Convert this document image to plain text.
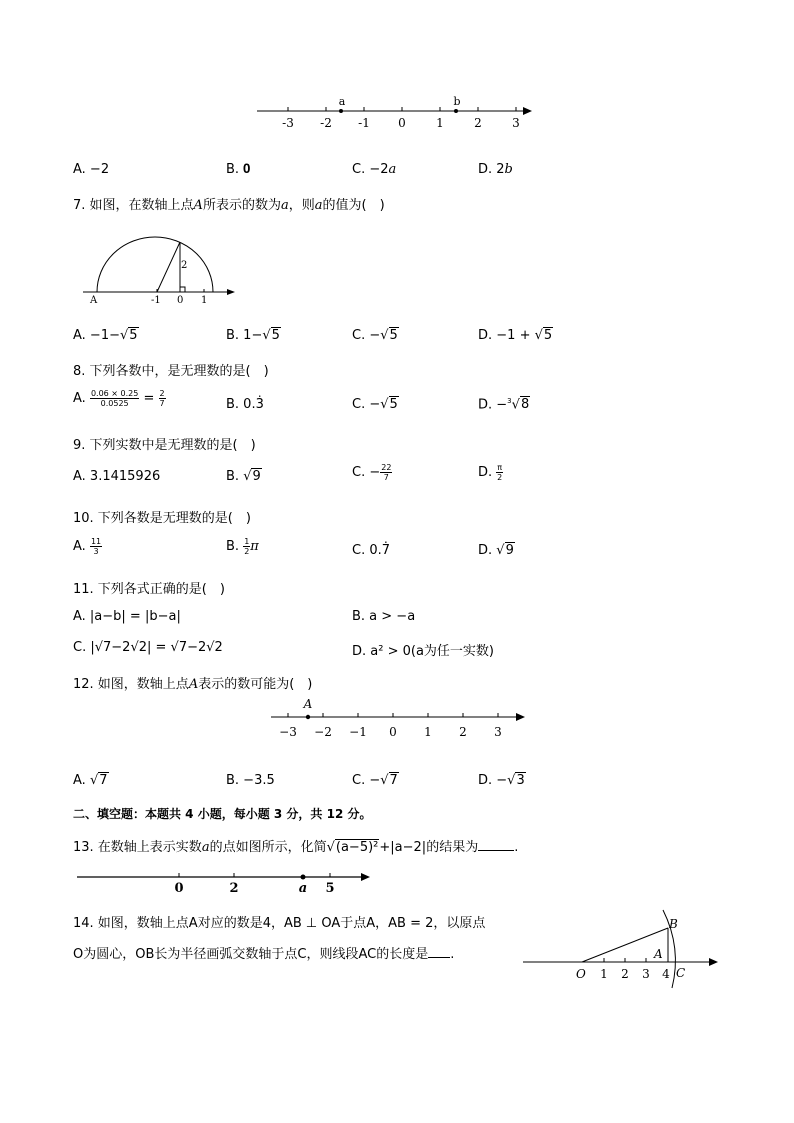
a	b
-3 -2 -1 0	1	2	3
A. −2	B. 𝟎	C. −2a	D. 2b
7. 如图，在数轴上点A所表示的数为a，则a的值为(　)
A	-1 0 1
2
A. −1−√5	B. 1−√5	C. −√5	D. −1 + √5
8. 下列各数中，是无理数的是(　)
A. $\frac{0.06 \times 0.25}{0.0525} = \frac{2}{7}$	B. 0.3̇	C. −√5	D. −$^3$√8
9. 下列实数中是无理数的是(　)
A. 3.1415926	B. √9	C. − $\frac{22}{7}$	D. $\frac{\pi}{2}$
10. 下列各数是无理数的是(　)
A. $\frac{11}{3}$	B. $\frac{1}{2}$ π	C. 0.7̇	D. √9
11. 下列各式正确的是(　)
A. |a−b| = |b−a|	B. a > −a
C. |√7−2√2| = √7−2√2	D. a² > 0(a为任一实数)
12. 如图，数轴上点A表示的数可能为(　)
A
−3 −2 −1 0 1 2 3
A. √7	B. −3.5	C. −√7	D. −√3
二、填空题：本题共 4 小题，每小题 3 分，共 12 分。
13. 在数轴上表示实数a的点如图所示，化简√(a−5)²+|a−2|的结果为	.
0	2	a 5
14. 如图，数轴上点A对应的数是4，AB ⊥ OA于点A，AB = 2，以原点
O为圆心，OB长为半径画弧交数轴于点C，则线段AC的长度是 .
O
A
B
C
1 2 3 4
